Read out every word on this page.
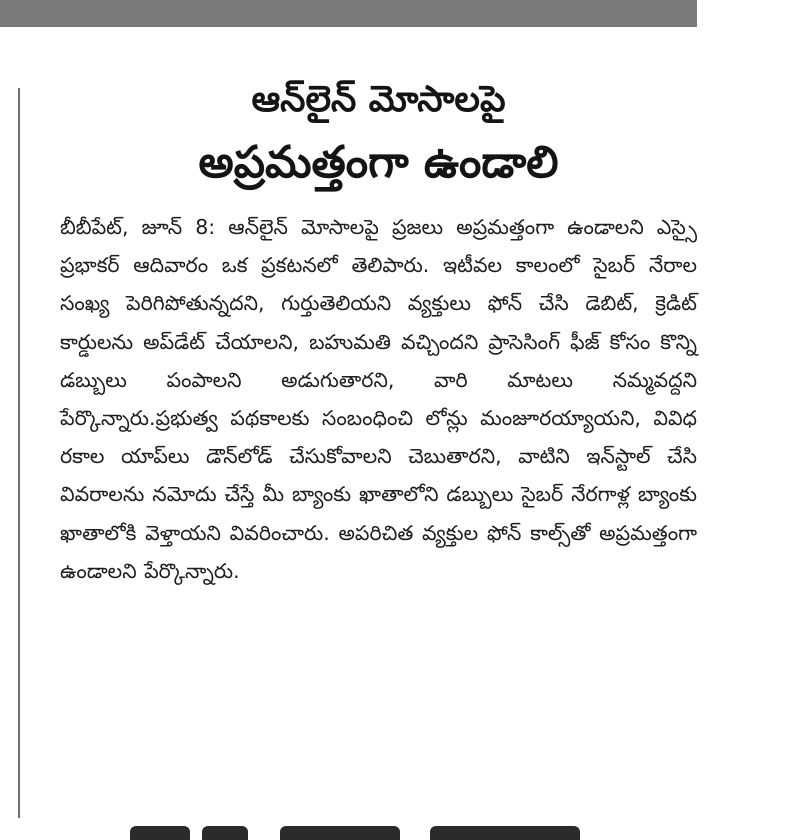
ఆన్‌లైన్ మోసాలపై
అప్రమత్తంగా ఉండాలి

బీబీపేట్, జూన్ 8: ఆన్‌లైన్ మోసాలపై ప్రజలు అప్రమత్తంగా ఉండాలని ఎస్సై ప్రభాకర్ ఆదివారం ఒక ప్రకటనలో తెలిపారు. ఇటీవల కాలంలో సైబర్ నేరాల సంఖ్య పెరిగిపోతున్నదని, గుర్తుతెలియని వ్యక్తులు ఫోన్ చేసి డెబిట్, క్రెడిట్ కార్డులను అప్‌డేట్ చేయాలని, బహుమతి వచ్చిందని ప్రాసెసింగ్ ఫీజ్ కోసం కొన్ని డబ్బులు పంపాలని అడుగుతారని, వారి మాటలు నమ్మవద్దని పేర్కొన్నారు.ప్రభుత్వ పథకాలకు సంబంధించి లోన్లు మంజూరయ్యాయని, వివిధ రకాల యాప్‌లు డౌన్‌లోడ్ చేసుకోవాలని చెబుతారని, వాటిని ఇన్‌స్టాల్ చేసి వివరాలను నమోదు చేస్తే మీ బ్యాంకు ఖాతాలోని డబ్బులు సైబర్ నేరగాళ్ల బ్యాంకు ఖాతాలోకి వెళ్తాయని వివరించారు. అపరిచిత వ్యక్తుల ఫోన్ కాల్స్‌తో అప్రమత్తంగా ఉండాలని పేర్కొన్నారు.
